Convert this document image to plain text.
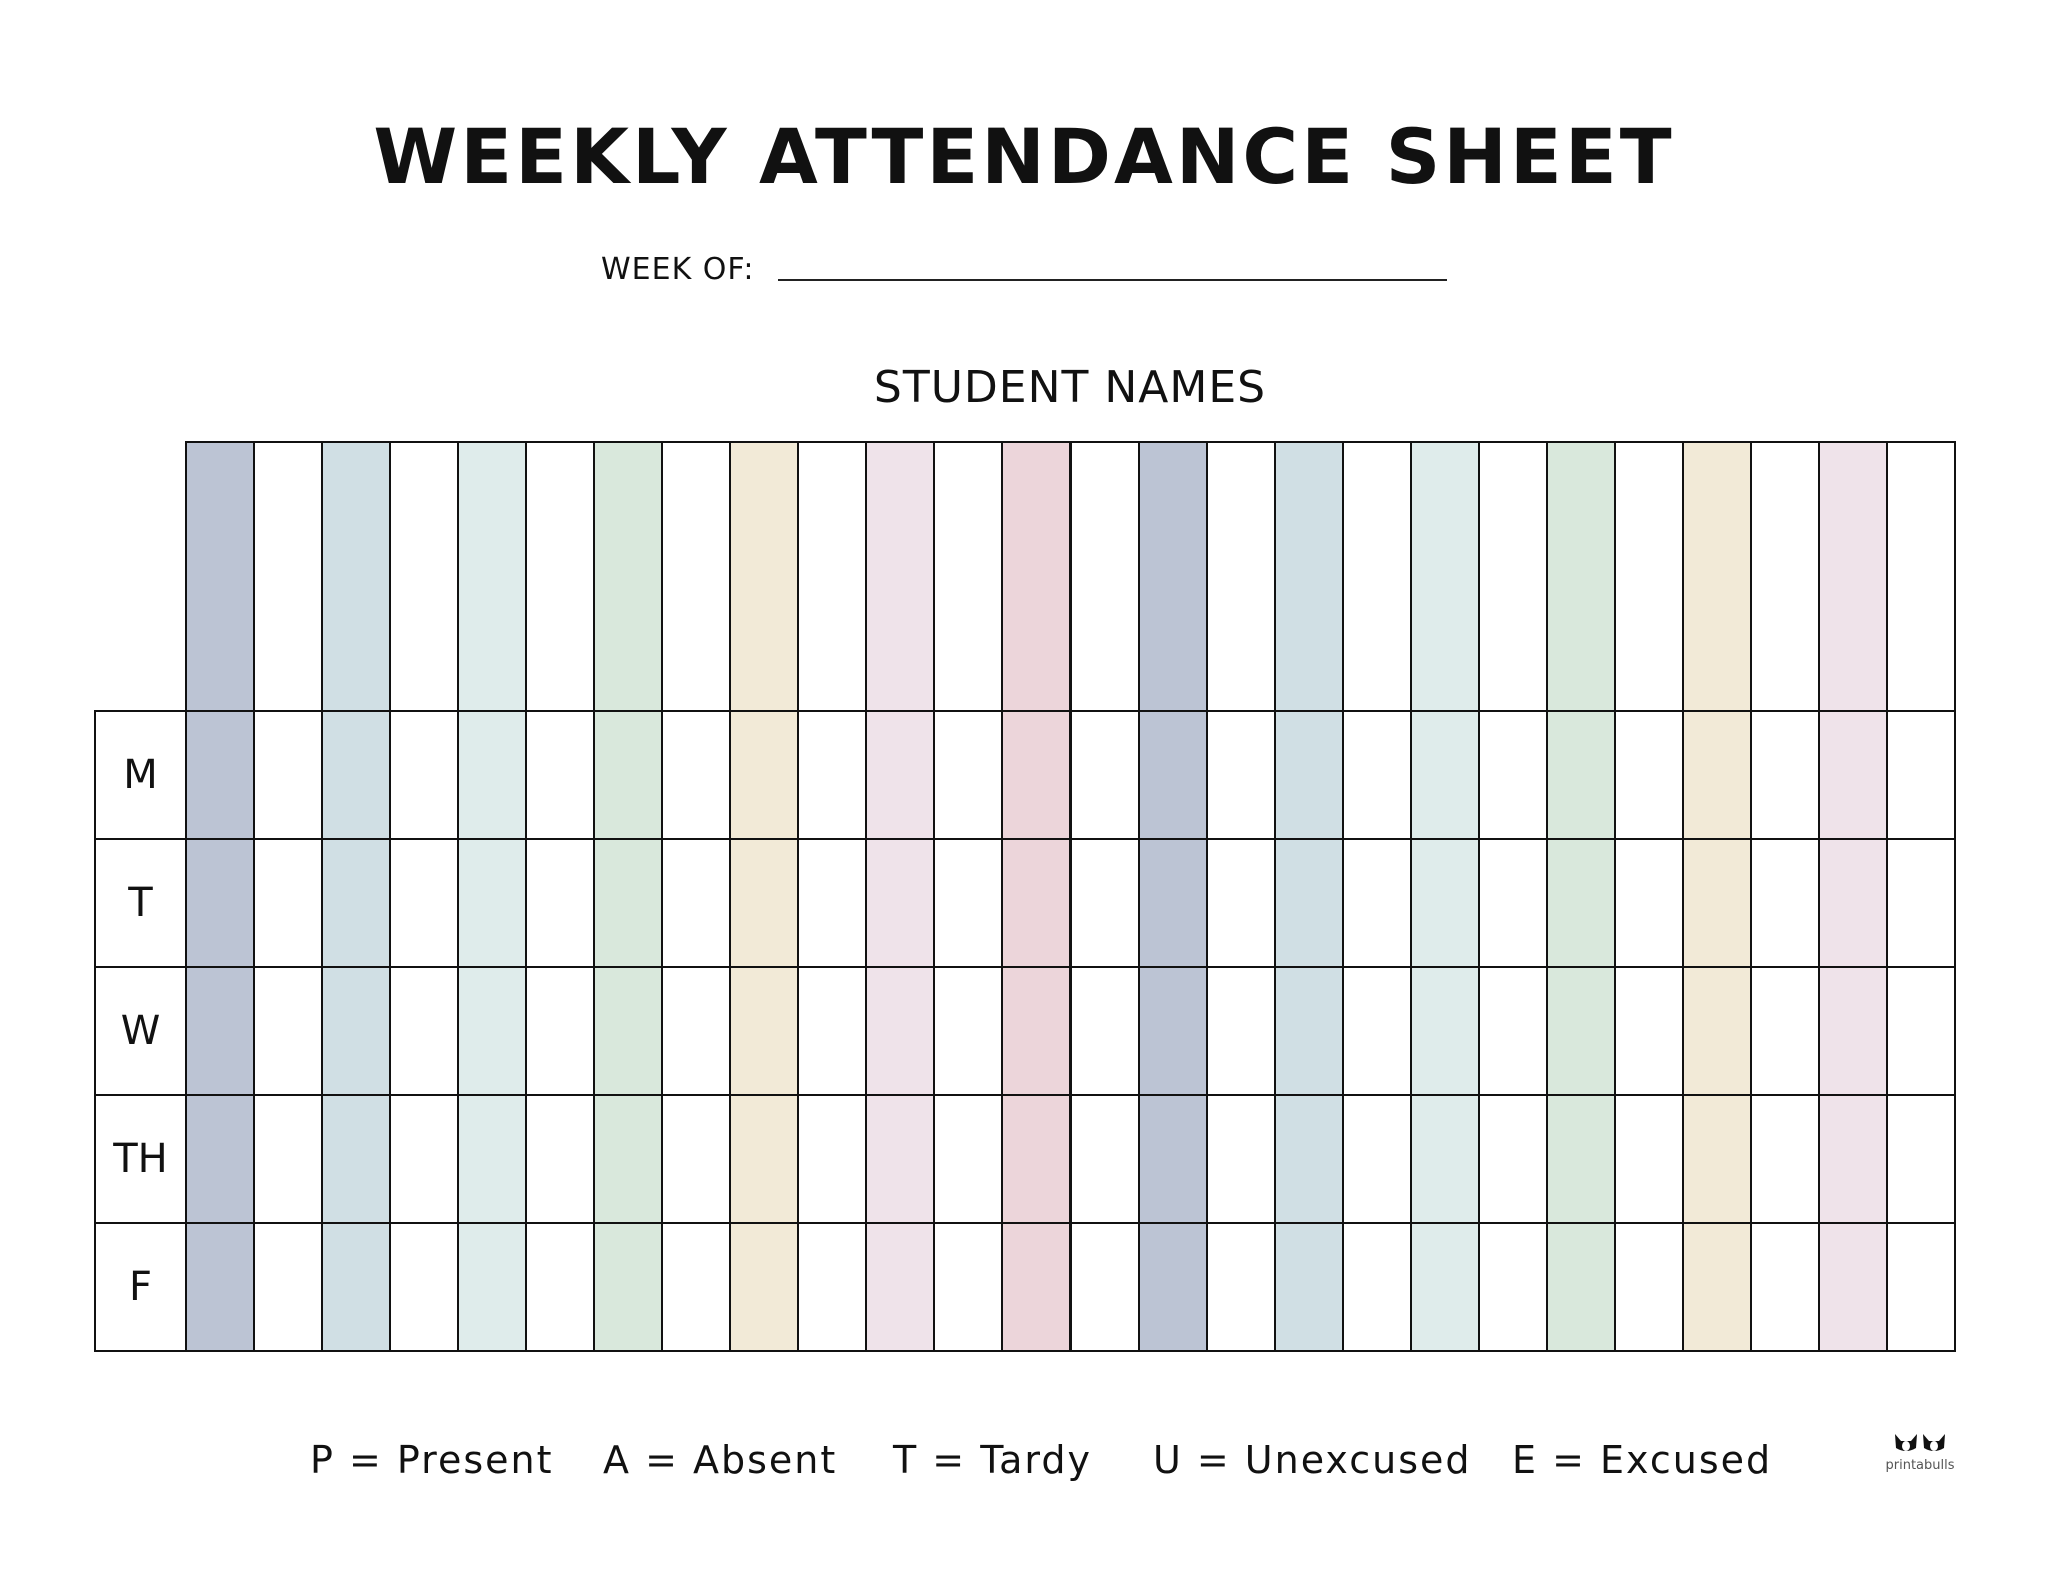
WEEKLY ATTENDANCE SHEET
WEEK OF:
STUDENT NAMES
M
T
W
TH
F
P = Present A = Absent T = Tardy U = Unexcused E = Excused	printabulls
